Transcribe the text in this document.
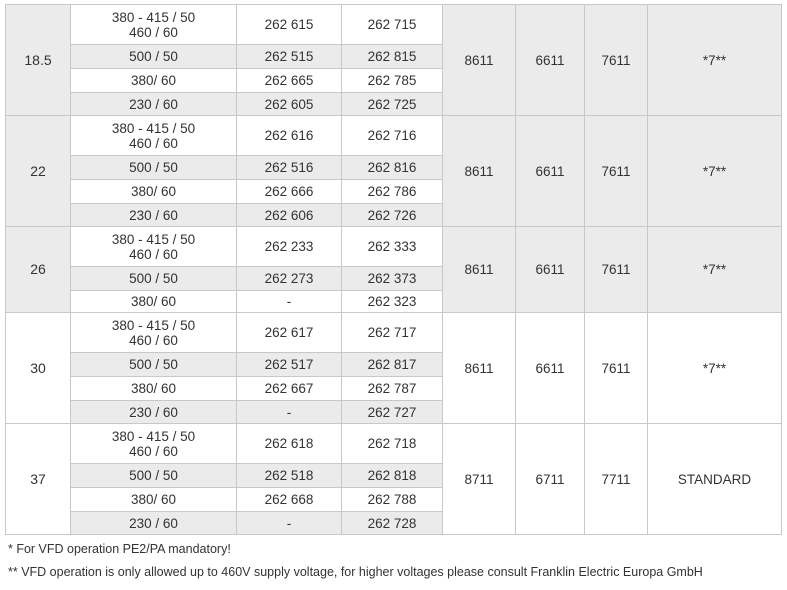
18.5	380 - 415 / 50
460 / 60	262 615	262 715	8611	6611	7611	*7**

	500 / 50	262 515	262 815				

	380/ 60	262 665	262 785				

	230 / 60	262 605	262 725				
22	380 - 415 / 50
460 / 60	262 616	262 716	8611	6611	7611	*7**

	500 / 50	262 516	262 816				

	380/ 60	262 666	262 786				

	230 / 60	262 606	262 726				
26	380 - 415 / 50
460 / 60	262 233	262 333	8611	6611	7611	*7**

	500 / 50	262 273	262 373				

	380/ 60	-	262 323				
30	380 - 415 / 50
460 / 60	262 617	262 717	8611	6611	7611	*7**

	500 / 50	262 517	262 817				

	380/ 60	262 667	262 787				

	230 / 60	-	262 727				
37	380 - 415 / 50
460 / 60	262 618	262 718	8711	6711	7711	STANDARD

	500 / 50	262 518	262 818				

	380/ 60	262 668	262 788				

	230 / 60	-	262 728				
* For VFD operation PE2/PA mandatory!
** VFD operation is only allowed up to 460V supply voltage, for higher voltages please consult Franklin Electric Europa GmbH
